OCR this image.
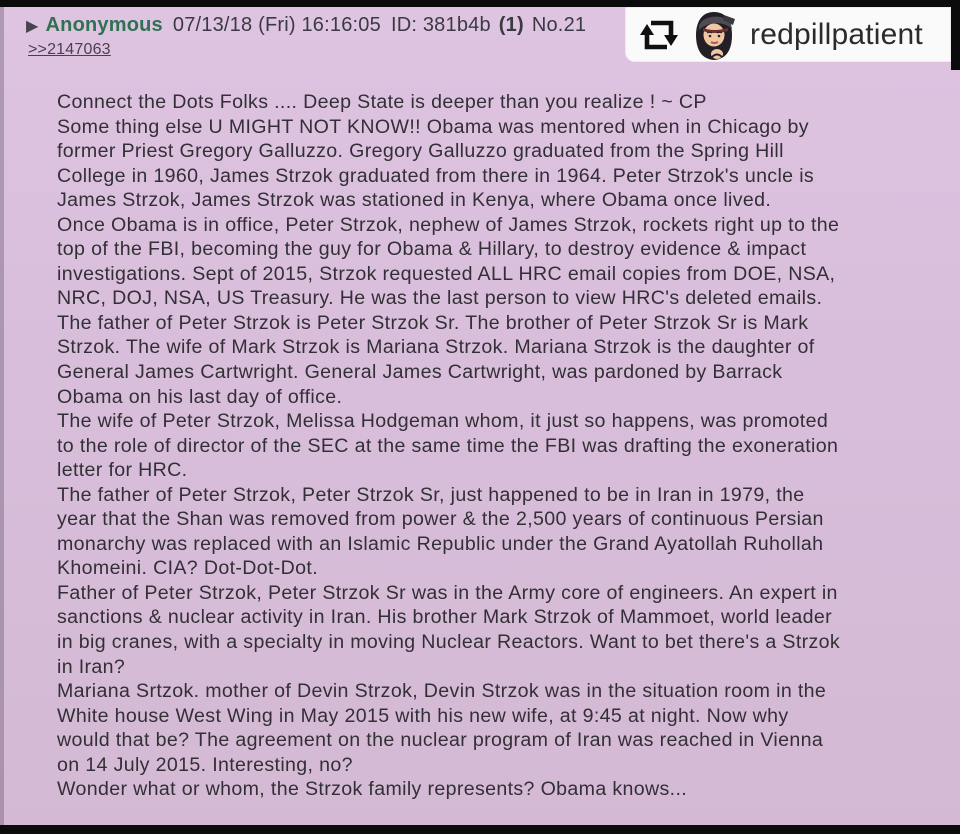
▶ Anonymous 07/13/18 (Fri) 16:16:05 ID: 381b4b (1) No.21
>>2147063
Connect the Dots Folks .... Deep State is deeper than you realize ! ~ CP
Some thing else U MIGHT NOT KNOW!! Obama was mentored when in Chicago by
former Priest Gregory Galluzzo. Gregory Galluzzo graduated from the Spring Hill
College in 1960, James Strzok graduated from there in 1964. Peter Strzok's uncle is
James Strzok, James Strzok was stationed in Kenya, where Obama once lived.
Once Obama is in office, Peter Strzok, nephew of James Strzok, rockets right up to the
top of the FBI, becoming the guy for Obama & Hillary, to destroy evidence & impact
investigations. Sept of 2015, Strzok requested ALL HRC email copies from DOE, NSA,
NRC, DOJ, NSA, US Treasury. He was the last person to view HRC's deleted emails.
The father of Peter Strzok is Peter Strzok Sr. The brother of Peter Strzok Sr is Mark
Strzok. The wife of Mark Strzok is Mariana Strzok. Mariana Strzok is the daughter of
General James Cartwright. General James Cartwright, was pardoned by Barrack
Obama on his last day of office.
The wife of Peter Strzok, Melissa Hodgeman whom, it just so happens, was promoted
to the role of director of the SEC at the same time the FBI was drafting the exoneration
letter for HRC.
The father of Peter Strzok, Peter Strzok Sr, just happened to be in Iran in 1979, the
year that the Shan was removed from power & the 2,500 years of continuous Persian
monarchy was replaced with an Islamic Republic under the Grand Ayatollah Ruhollah
Khomeini. CIA? Dot-Dot-Dot.
Father of Peter Strzok, Peter Strzok Sr was in the Army core of engineers. An expert in
sanctions & nuclear activity in Iran. His brother Mark Strzok of Mammoet, world leader
in big cranes, with a specialty in moving Nuclear Reactors. Want to bet there's a Strzok
in Iran?
Mariana Srtzok. mother of Devin Strzok, Devin Strzok was in the situation room in the
White house West Wing in May 2015 with his new wife, at 9:45 at night. Now why
would that be? The agreement on the nuclear program of Iran was reached in Vienna
on 14 July 2015. Interesting, no?
Wonder what or whom, the Strzok family represents? Obama knows...
redpillpatient
